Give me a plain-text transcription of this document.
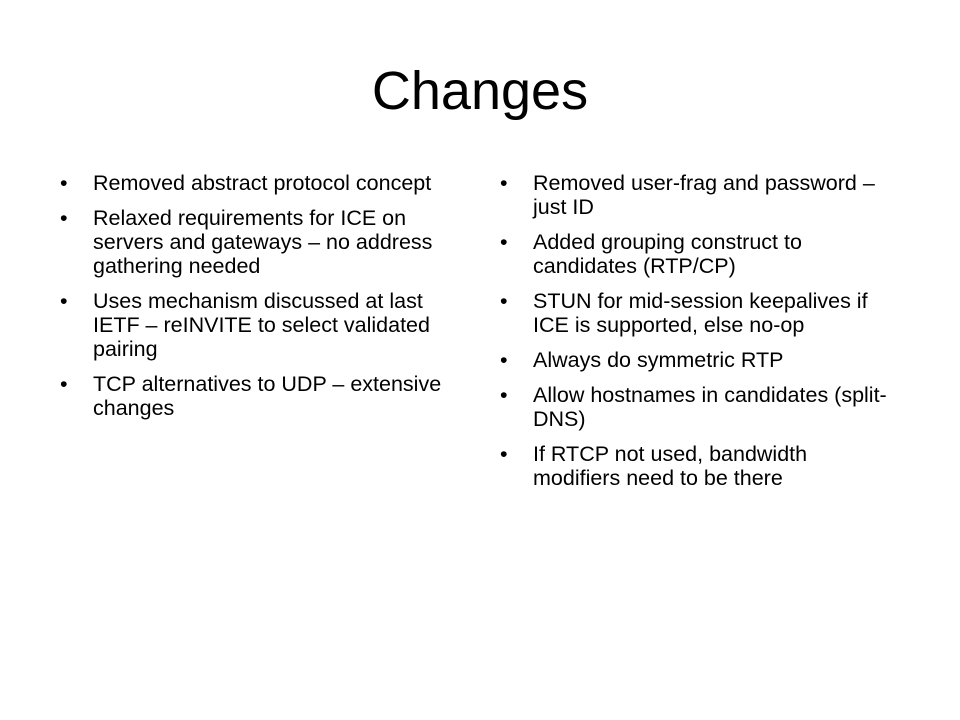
Changes
•	Removed abstract protocol concept
•	Relaxed requirements for ICE on servers and gateways – no address gathering needed
•	Uses mechanism discussed at last IETF – reINVITE to select validated pairing
•	TCP alternatives to UDP – extensive changes
•	Removed user-frag and password – just ID
•	Added grouping construct to candidates (RTP/CP)
•	STUN for mid-session keepalives if ICE is supported, else no-op
•	Always do symmetric RTP
•	Allow hostnames in candidates (split-DNS)
•	If RTCP not used, bandwidth modifiers need to be there
